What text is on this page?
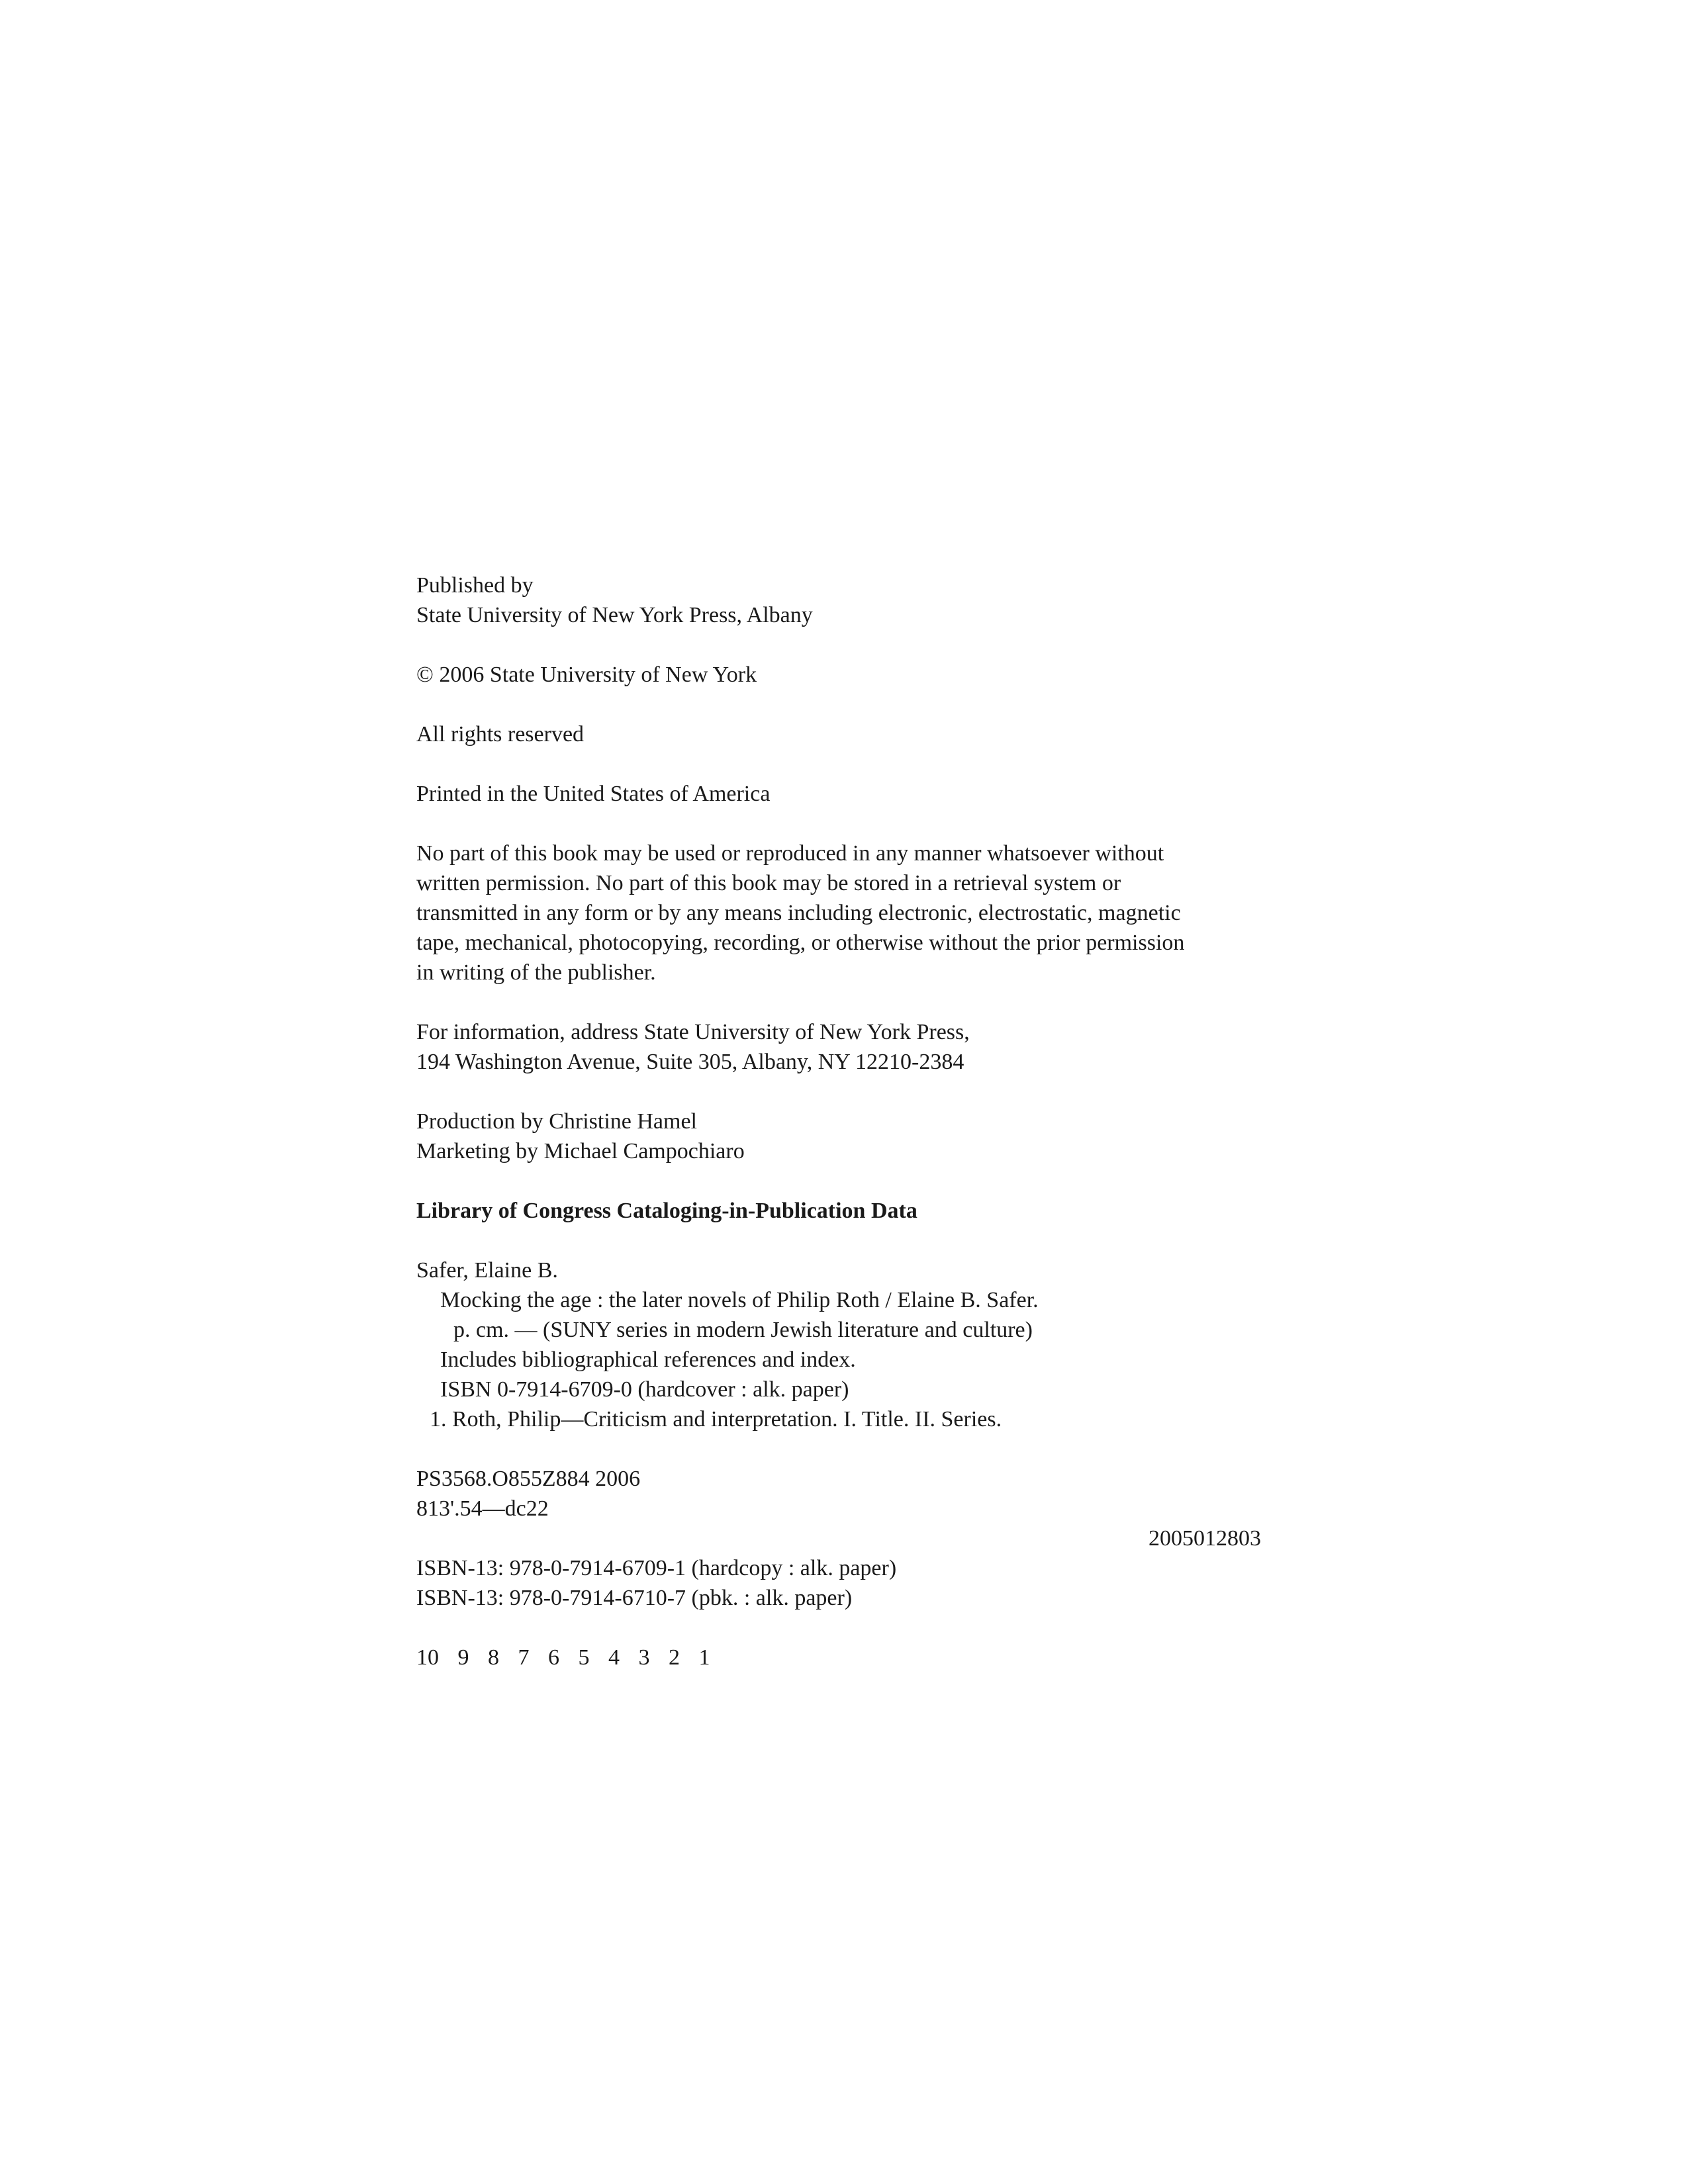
Published by
State University of New York Press, Albany
© 2006 State University of New York
All rights reserved
Printed in the United States of America
No part of this book may be used or reproduced in any manner whatsoever without
written permission. No part of this book may be stored in a retrieval system or
transmitted in any form or by any means including electronic, electrostatic, magnetic
tape, mechanical, photocopying, recording, or otherwise without the prior permission
in writing of the publisher.
For information, address State University of New York Press,
194 Washington Avenue, Suite 305, Albany, NY 12210-2384
Production by Christine Hamel
Marketing by Michael Campochiaro
Library of Congress Cataloging-in-Publication Data
Safer, Elaine B.
Mocking the age : the later novels of Philip Roth / Elaine B. Safer.
p. cm. — (SUNY series in modern Jewish literature and culture)
Includes bibliographical references and index.
ISBN 0-7914-6709-0 (hardcover : alk. paper)
1. Roth, Philip—Criticism and interpretation. I. Title. II. Series.
PS3568.O855Z884 2006
813'.54—dc22
2005012803
ISBN-13: 978-0-7914-6709-1 (hardcopy : alk. paper)
ISBN-13: 978-0-7914-6710-7 (pbk. : alk. paper)
10 9 8 7 6 5 4 3 2 1
